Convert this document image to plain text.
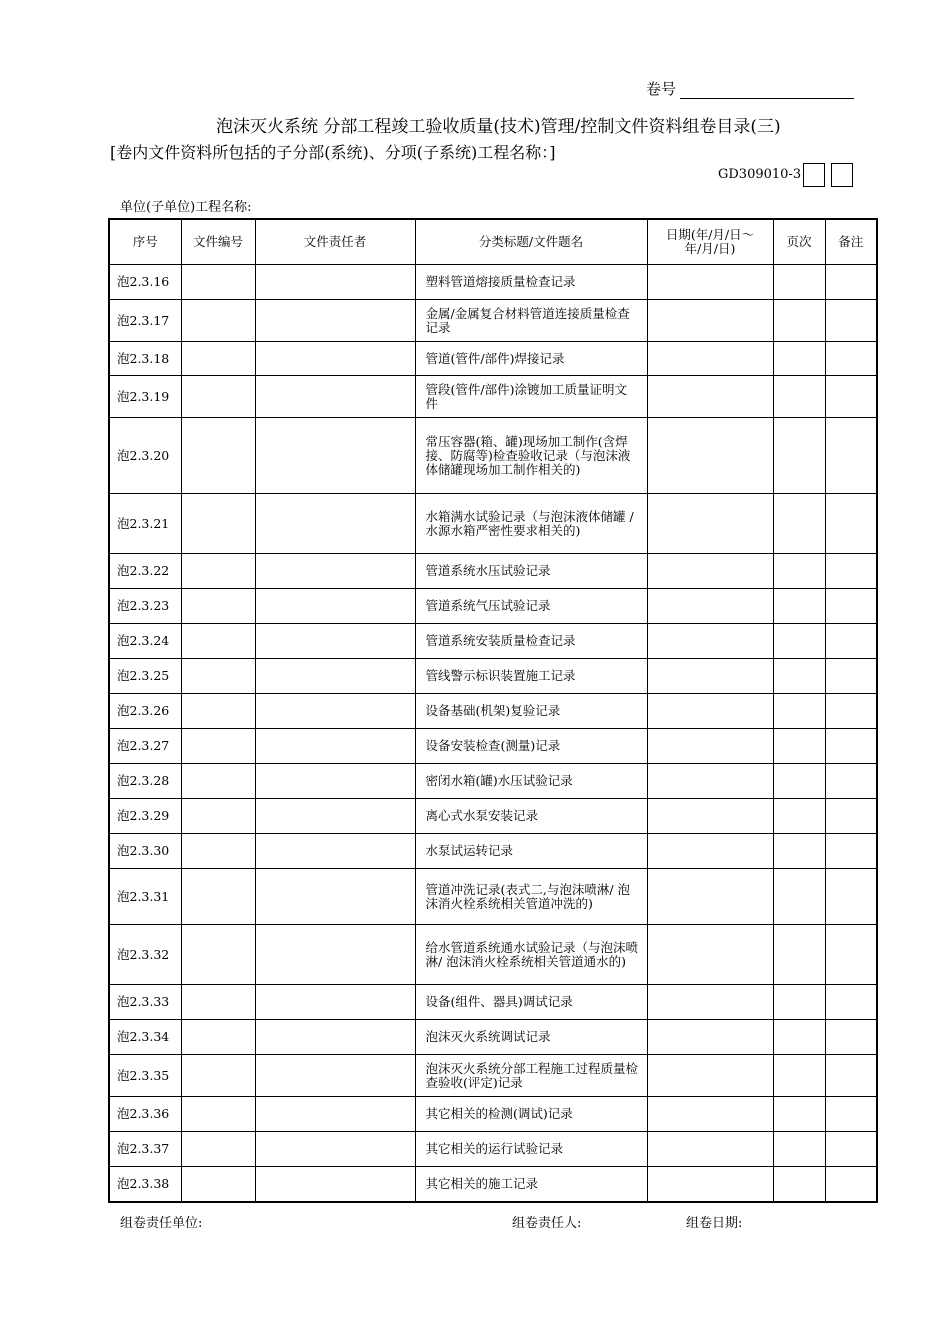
卷号
泡沫灭火系统 分部工程竣工验收质量(技术)管理/控制文件资料组卷目录(三)
[卷内文件资料所包括的子分部(系统)、分项(子系统)工程名称：]
GD309010-3
单位(子单位)工程名称:
序号	文件编号	文件责任者	分类标题/文件题名	日期(年/月/日～年/月/日)	页次	备注
泡2.3.16			塑料管道熔接质量检查记录			
泡2.3.17			金属/金属复合材料管道连接质量检查记录			
泡2.3.18			管道(管件/部件)焊接记录			
泡2.3.19			管段(管件/部件)涂镀加工质量证明文件			
泡2.3.20			常压容器(箱、罐)现场加工制作(含焊接、防腐等)检查验收记录（与泡沫液体储罐现场加工制作相关的)			
泡2.3.21			水箱满水试验记录（与泡沫液体储罐 /水源水箱严密性要求相关的)			
泡2.3.22			管道系统水压试验记录			
泡2.3.23			管道系统气压试验记录			
泡2.3.24			管道系统安装质量检查记录			
泡2.3.25			管线警示标识装置施工记录			
泡2.3.26			设备基础(机架)复验记录			
泡2.3.27			设备安装检查(测量)记录			
泡2.3.28			密闭水箱(罐)水压试验记录			
泡2.3.29			离心式水泵安装记录			
泡2.3.30			水泵试运转记录			
泡2.3.31			管道冲洗记录(表式二,与泡沫喷淋/ 泡沫消火栓系统相关管道冲洗的)			
泡2.3.32			给水管道系统通水试验记录（与泡沫喷淋/ 泡沫消火栓系统相关管道通水的)			
泡2.3.33			设备(组件、器具)调试记录			
泡2.3.34			泡沫灭火系统调试记录			
泡2.3.35			泡沫灭火系统分部工程施工过程质量检查验收(评定)记录			
泡2.3.36			其它相关的检测(调试)记录			
泡2.3.37			其它相关的运行试验记录			
泡2.3.38			其它相关的施工记录			
组卷责任单位:	组卷责任人:	组卷日期:
